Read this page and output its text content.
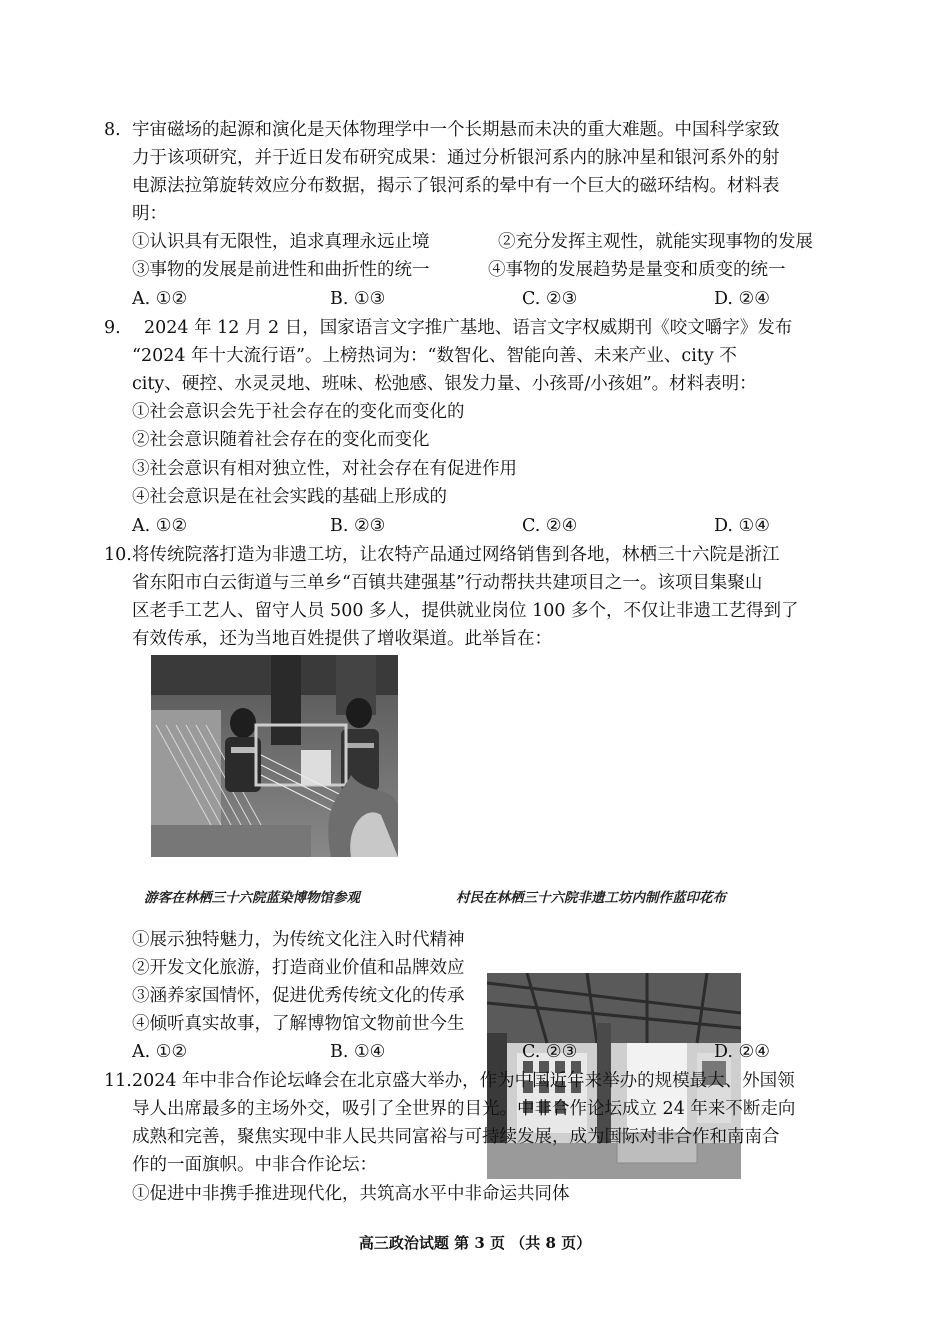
8. 宇宙磁场的起源和演化是天体物理学中一个长期悬而未决的重大难题。中国科学家致
力于该项研究，并于近日发布研究成果：通过分析银河系内的脉冲星和银河系外的射
电源法拉第旋转效应分布数据，揭示了银河系的晕中有一个巨大的磁环结构。材料表
明：
①认识具有无限性，追求真理永远止境	②充分发挥主观性，就能实现事物的发展
③事物的发展是前进性和曲折性的统一	④事物的发展趋势是量变和质变的统一
A. ①②	B. ①③	C. ②③	D. ②④
9. 2024 年 12 月 2 日，国家语言文字推广基地、语言文字权威期刊《咬文嚼字》发布
“2024 年十大流行语”。上榜热词为：“数智化、智能向善、未来产业、city 不
city、硬控、水灵灵地、班味、松弛感、银发力量、小孩哥/小孩姐”。材料表明：
①社会意识会先于社会存在的变化而变化的
②社会意识随着社会存在的变化而变化
③社会意识有相对独立性，对社会存在有促进作用
④社会意识是在社会实践的基础上形成的
A. ①②	B. ②③	C. ②④	D. ①④
10. 将传统院落打造为非遗工坊，让农特产品通过网络销售到各地，林栖三十六院是浙江
省东阳市白云街道与三单乡“百镇共建强基”行动帮扶共建项目之一。该项目集聚山
区老手工艺人、留守人员 500 多人，提供就业岗位 100 多个，不仅让非遗工艺得到了
有效传承，还为当地百姓提供了增收渠道。此举旨在：
游客在林栖三十六院蓝染博物馆参观	村民在林栖三十六院非遗工坊内制作蓝印花布
①展示独特魅力，为传统文化注入时代精神
②开发文化旅游，打造商业价值和品牌效应
③涵养家国情怀，促进优秀传统文化的传承
④倾听真实故事，了解博物馆文物前世今生
A. ①②	B. ①④	C. ②③	D. ②④
11. 2024 年中非合作论坛峰会在北京盛大举办，作为中国近年来举办的规模最大、外国领
导人出席最多的主场外交，吸引了全世界的目光。中非合作论坛成立 24 年来不断走向
成熟和完善，聚焦实现中非人民共同富裕与可持续发展，成为国际对非合作和南南合
作的一面旗帜。中非合作论坛：
①促进中非携手推进现代化，共筑高水平中非命运共同体
高三政治试题 第 3 页 （共 8 页）
